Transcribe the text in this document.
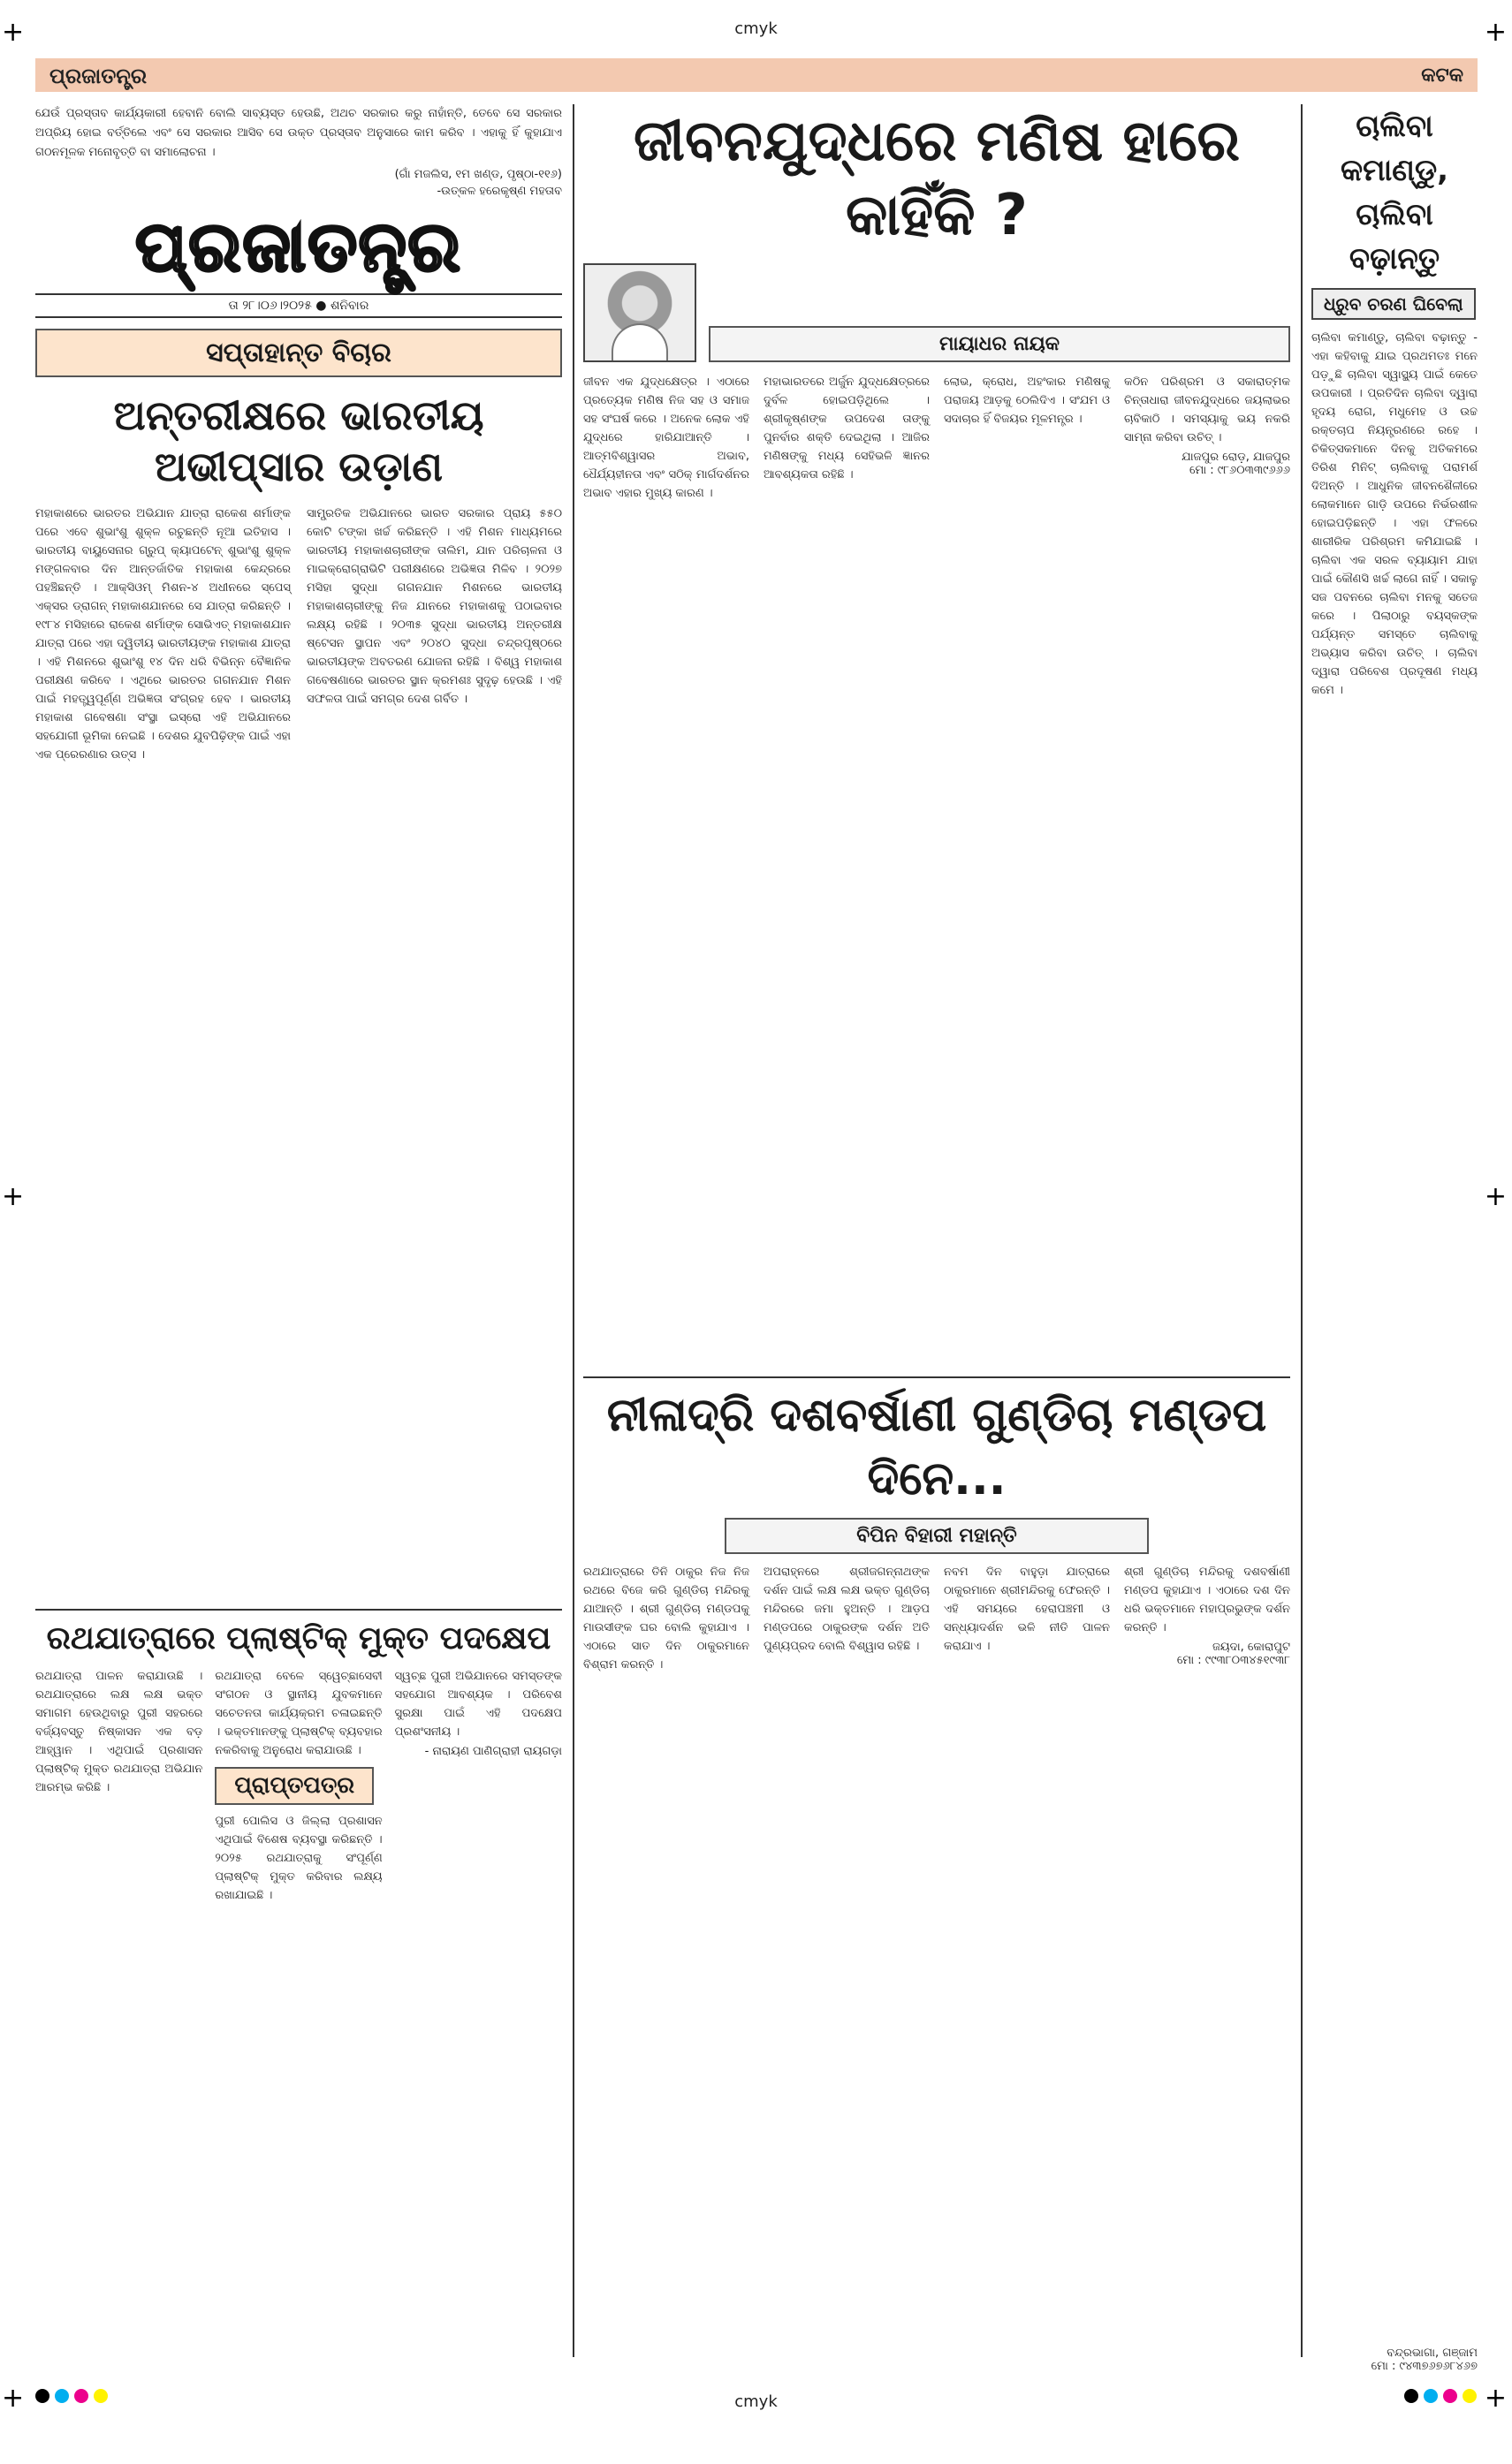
+	+
+	+
+	+
cmyk
cmyk
ପ୍ରଜାତନ୍ତ୍ର	କଟକ
ଯେଉଁ ପ୍ରସ୍ତାବ କାର୍ଯ୍ୟକାରୀ ହେବାନି ବୋଲି ସାବ୍ୟସ୍ତ ହେଉଛି, ଅଥଚ ସରକାର କରୁ ନାହାଁନ୍ତି, ତେବେ ସେ ସରକାର ଅପ୍ରିୟ ହୋଇ ବର୍ତ୍ତିଲେ ଏବଂ ସେ ସରକାର ଆସିବ ସେ ଉକ୍ତ ପ୍ରସ୍ତାବ ଅନୁସାରେ କାମ କରିବ । ଏହାକୁ ହିଁ କୁହାଯାଏ ଗଠନମୂଳକ ମନୋବୃତ୍ତି ବା ସମାଲୋଚନା ।
(ଗାଁ ମଜଲିସ, ୧ମ ଖଣ୍ଡ, ପୃଷ୍ଠା-୧୧୬)
-ଉତ୍କଳ ହରେକୃଷ୍ଣ ମହତାବ
ପ୍ରଜାତନ୍ତ୍ର
ତା ୨୮।୦୬।୨୦୨୫ ● ଶନିବାର
ସପ୍ତାହାନ୍ତ ବିଚାର
ଅନ୍ତରୀକ୍ଷରେ ଭାରତୀୟ ଅଭୀପ୍ସାର ଉଡ଼ାଣ
ମହାକାଶରେ ଭାରତର ଅଭିଯାନ ଯାତ୍ରା ରାକେଶ ଶର୍ମାଙ୍କ ପରେ ଏବେ ଶୁଭାଂଶୁ ଶୁକ୍ଳ ରଚୁଛନ୍ତି ନୂଆ ଇତିହାସ । ଭାରତୀୟ ବାୟୁସେନାର ଗ୍ରୁପ୍ କ୍ୟାପଟେନ୍ ଶୁଭାଂଶୁ ଶୁକ୍ଳ ମଙ୍ଗଳବାର ଦିନ ଆନ୍ତର୍ଜାତିକ ମହାକାଶ କେନ୍ଦ୍ରରେ ପହଞ୍ଚିଛନ୍ତି । ଆକ୍ସିଓମ୍ ମିଶନ-୪ ଅଧୀନରେ ସ୍ପେସ୍ ଏକ୍ସର ଡ୍ରାଗନ୍ ମହାକାଶଯାନରେ ସେ ଯାତ୍ରା କରିଛନ୍ତି । ୧୯୮୪ ମସିହାରେ ରାକେଶ ଶର୍ମାଙ୍କ ସୋଭିଏତ୍ ମହାକାଶଯାନ ଯାତ୍ରା ପରେ ଏହା ଦ୍ୱିତୀୟ ଭାରତୀୟଙ୍କ ମହାକାଶ ଯାତ୍ରା । ଏହି ମିଶନରେ ଶୁଭାଂଶୁ ୧୪ ଦିନ ଧରି ବିଭିନ୍ନ ବୈଜ୍ଞାନିକ ପରୀକ୍ଷଣ କରିବେ । ଏଥିରେ ଭାରତର ଗଗନଯାନ ମିଶନ ପାଇଁ ମହତ୍ତ୍ୱପୂର୍ଣ୍ଣ ଅଭିଜ୍ଞତା ସଂଗ୍ରହ ହେବ । ଭାରତୀୟ ମହାକାଶ ଗବେଷଣା ସଂସ୍ଥା ଇସ୍ରୋ ଏହି ଅଭିଯାନରେ ସହଯୋଗୀ ଭୂମିକା ନେଇଛି । ଦେଶର ଯୁବପିଢ଼ିଙ୍କ ପାଇଁ ଏହା ଏକ ପ୍ରେରଣାର ଉତ୍ସ ।
ସାମ୍ପ୍ରତିକ ଅଭିଯାନରେ ଭାରତ ସରକାର ପ୍ରାୟ ୫୫୦ କୋଟି ଟଙ୍କା ଖର୍ଚ୍ଚ କରିଛନ୍ତି । ଏହି ମିଶନ ମାଧ୍ୟମରେ ଭାରତୀୟ ମହାକାଶଚାରୀଙ୍କ ତାଲିମ, ଯାନ ପରିଚାଳନା ଓ ମାଇକ୍ରୋଗ୍ରାଭିଟି ପରୀକ୍ଷଣରେ ଅଭିଜ୍ଞତା ମିଳିବ । ୨୦୨୭ ମସିହା ସୁଦ୍ଧା ଗଗନଯାନ ମିଶନରେ ଭାରତୀୟ ମହାକାଶଚାରୀଙ୍କୁ ନିଜ ଯାନରେ ମହାକାଶକୁ ପଠାଇବାର ଲକ୍ଷ୍ୟ ରହିଛି । ୨୦୩୫ ସୁଦ୍ଧା ଭାରତୀୟ ଅନ୍ତରୀକ୍ଷ ଷ୍ଟେସନ ସ୍ଥାପନ ଏବଂ ୨୦୪୦ ସୁଦ୍ଧା ଚନ୍ଦ୍ରପୃଷ୍ଠରେ ଭାରତୀୟଙ୍କ ଅବତରଣ ଯୋଜନା ରହିଛି । ବିଶ୍ୱ ମହାକାଶ ଗବେଷଣାରେ ଭାରତର ସ୍ଥାନ କ୍ରମଶଃ ସୁଦୃଢ଼ ହେଉଛି । ଏହି ସଫଳତା ପାଇଁ ସମଗ୍ର ଦେଶ ଗର୍ବିତ ।
ରଥଯାତ୍ରାରେ ପ୍ଲାଷ୍ଟିକ୍ ମୁକ୍ତ ପଦକ୍ଷେପ
ରଥଯାତ୍ରା ପାଳନ କରାଯାଉଛି । ରଥଯାତ୍ରାରେ ଲକ୍ଷ ଲକ୍ଷ ଭକ୍ତ ସମାଗମ ହେଉଥିବାରୁ ପୁରୀ ସହରରେ ବର୍ଜ୍ୟବସ୍ତୁ ନିଷ୍କାସନ ଏକ ବଡ଼ ଆହ୍ୱାନ । ଏଥିପାଇଁ ପ୍ରଶାସନ ପ୍ଲାଷ୍ଟିକ୍ ମୁକ୍ତ ରଥଯାତ୍ରା ଅଭିଯାନ ଆରମ୍ଭ କରିଛି ।
ରଥଯାତ୍ରା ବେଳେ ସ୍ୱେଚ୍ଛାସେବୀ ସଂଗଠନ ଓ ସ୍ଥାନୀୟ ଯୁବକମାନେ ସଚେତନତା କାର୍ଯ୍ୟକ୍ରମ ଚଳାଇଛନ୍ତି । ଭକ୍ତମାନଙ୍କୁ ପ୍ଲାଷ୍ଟିକ୍ ବ୍ୟବହାର ନକରିବାକୁ ଅନୁରୋଧ କରାଯାଉଛି ।
ପ୍ରାପ୍ତପତ୍ର
ପୁରୀ ପୋଲିସ ଓ ଜିଲ୍ଲା ପ୍ରଶାସନ ଏଥିପାଇଁ ବିଶେଷ ବ୍ୟବସ୍ଥା କରିଛନ୍ତି । ୨୦୨୫ ରଥଯାତ୍ରାକୁ ସଂପୂର୍ଣ୍ଣ ପ୍ଲାଷ୍ଟିକ୍ ମୁକ୍ତ କରିବାର ଲକ୍ଷ୍ୟ ରଖାଯାଇଛି ।
ସ୍ୱଚ୍ଛ ପୁରୀ ଅଭିଯାନରେ ସମସ୍ତଙ୍କ ସହଯୋଗ ଆବଶ୍ୟକ । ପରିବେଶ ସୁରକ୍ଷା ପାଇଁ ଏହି ପଦକ୍ଷେପ ପ୍ରଶଂସନୀୟ ।
- ନାରାୟଣ ପାଣିଗ୍ରାହୀ ରାୟଗଡ଼ା
ଜୀବନଯୁଦ୍ଧରେ ମଣିଷ ହାରେ କାହିଁକି ?
ମାୟାଧର ନାୟକ
ଜୀବନ ଏକ ଯୁଦ୍ଧକ୍ଷେତ୍ର । ଏଠାରେ ପ୍ରତ୍ୟେକ ମଣିଷ ନିଜ ସହ ଓ ସମାଜ ସହ ସଂଘର୍ଷ କରେ । ଅନେକ ଲୋକ ଏହି ଯୁଦ୍ଧରେ ହାରିଯାଆନ୍ତି । ଆତ୍ମବିଶ୍ୱାସର ଅଭାବ, ଧୈର୍ଯ୍ୟହୀନତା ଏବଂ ସଠିକ୍ ମାର୍ଗଦର୍ଶନର ଅଭାବ ଏହାର ମୁଖ୍ୟ କାରଣ ।
ମହାଭାରତରେ ଅର୍ଜୁନ ଯୁଦ୍ଧକ୍ଷେତ୍ରରେ ଦୁର୍ବଳ ହୋଇପଡ଼ିଥିଲେ । ଶ୍ରୀକୃଷ୍ଣଙ୍କ ଉପଦେଶ ତାଙ୍କୁ ପୁନର୍ବାର ଶକ୍ତି ଦେଇଥିଲା । ଆଜିର ମଣିଷଙ୍କୁ ମଧ୍ୟ ସେହିଭଳି ଜ୍ଞାନର ଆବଶ୍ୟକତା ରହିଛି ।
ଲୋଭ, କ୍ରୋଧ, ଅହଂକାର ମଣିଷକୁ ପରାଜୟ ଆଡ଼କୁ ଠେଲିଦିଏ । ସଂଯମ ଓ ସଦାଚାର ହିଁ ବିଜୟର ମୂଳମନ୍ତ୍ର ।
କଠିନ ପରିଶ୍ରମ ଓ ସକାରାତ୍ମକ ଚିନ୍ତାଧାରା ଜୀବନଯୁଦ୍ଧରେ ଜୟଲାଭର ଚାବିକାଠି । ସମସ୍ୟାକୁ ଭୟ ନକରି ସାମ୍ନା କରିବା ଉଚିତ୍ ।
ଯାଜପୁର ରୋଡ଼, ଯାଜପୁର
ମୋ : ୯୮୬୦୩୩୯୬୬୬
ନୀଳାଦ୍ରି ଦଶବର୍ଷାଣୀ ଗୁଣ୍ଡିଚା ମଣ୍ଡପ ଦିନେ...
ବିପିନ ବିହାରୀ ମହାନ୍ତି
ରଥଯାତ୍ରାରେ ତିନି ଠାକୁର ନିଜ ନିଜ ରଥରେ ବିଜେ କରି ଗୁଣ୍ଡିଚା ମନ୍ଦିରକୁ ଯାଆନ୍ତି । ଶ୍ରୀ ଗୁଣ୍ଡିଚା ମଣ୍ଡପକୁ ମାଉସୀଙ୍କ ଘର ବୋଲି କୁହାଯାଏ । ଏଠାରେ ସାତ ଦିନ ଠାକୁରମାନେ ବିଶ୍ରାମ କରନ୍ତି ।
ଅପରାହ୍ନରେ ଶ୍ରୀଜଗନ୍ନାଥଙ୍କ ଦର୍ଶନ ପାଇଁ ଲକ୍ଷ ଲକ୍ଷ ଭକ୍ତ ଗୁଣ୍ଡିଚା ମନ୍ଦିରରେ ଜମା ହୁଅନ୍ତି । ଆଡ଼ପ ମଣ୍ଡପରେ ଠାକୁରଙ୍କ ଦର୍ଶନ ଅତି ପୁଣ୍ୟପ୍ରଦ ବୋଲି ବିଶ୍ୱାସ ରହିଛି ।
ନବମ ଦିନ ବାହୁଡ଼ା ଯାତ୍ରାରେ ଠାକୁରମାନେ ଶ୍ରୀମନ୍ଦିରକୁ ଫେରନ୍ତି । ଏହି ସମୟରେ ହେରାପଞ୍ଚମୀ ଓ ସନ୍ଧ୍ୟାଦର୍ଶନ ଭଳି ନୀତି ପାଳନ କରାଯାଏ ।
ଶ୍ରୀ ଗୁଣ୍ଡିଚା ମନ୍ଦିରକୁ ଦଶବର୍ଷାଣୀ ମଣ୍ଡପ କୁହାଯାଏ । ଏଠାରେ ଦଶ ଦିନ ଧରି ଭକ୍ତମାନେ ମହାପ୍ରଭୁଙ୍କ ଦର୍ଶନ କରନ୍ତି ।
ଜୟଦା, କୋରାପୁଟ
ମୋ : ୯୯୩୮୦୩୪୫୧୯୩୮
ଚାଲିବା କମାଣ୍ଡୁ, ଚାଲିବା ବଢ଼ାନ୍ତୁ
ଧ୍ରୁବ ଚରଣ ଘିବେଲା
ଚାଲିବା କମାଣ୍ଡୁ, ଚାଲିବା ବଢ଼ାନ୍ତୁ - ଏହା କହିବାକୁ ଯାଇ ପ୍ରଥମତଃ ମନେ ପଡ଼ୁଛି ଚାଲିବା ସ୍ୱାସ୍ଥ୍ୟ ପାଇଁ କେତେ ଉପକାରୀ । ପ୍ରତିଦିନ ଚାଲିବା ଦ୍ୱାରା ହୃଦୟ ରୋଗ, ମଧୁମେହ ଓ ଉଚ୍ଚ ରକ୍ତଚାପ ନିୟନ୍ତ୍ରଣରେ ରହେ । ଚିକିତ୍ସକମାନେ ଦିନକୁ ଅତିକମରେ ତିରିଶ ମିନିଟ୍ ଚାଲିବାକୁ ପରାମର୍ଶ ଦିଅନ୍ତି । ଆଧୁନିକ ଜୀବନଶୈଳୀରେ ଲୋକମାନେ ଗାଡ଼ି ଉପରେ ନିର୍ଭରଶୀଳ ହୋଇପଡ଼ିଛନ୍ତି । ଏହା ଫଳରେ ଶାରୀରିକ ପରିଶ୍ରମ କମିଯାଇଛି । ଚାଲିବା ଏକ ସରଳ ବ୍ୟାୟାମ ଯାହା ପାଇଁ କୌଣସି ଖର୍ଚ୍ଚ ଲାଗେ ନାହିଁ । ସକାଳୁ ସଜ ପବନରେ ଚାଲିବା ମନକୁ ସତେଜ କରେ । ପିଲାଠାରୁ ବୟସ୍କଙ୍କ ପର୍ଯ୍ୟନ୍ତ ସମସ୍ତେ ଚାଲିବାକୁ ଅଭ୍ୟାସ କରିବା ଉଚିତ୍ । ଚାଲିବା ଦ୍ୱାରା ପରିବେଶ ପ୍ରଦୂଷଣ ମଧ୍ୟ କମେ ।
ବନ୍ଦ୍ରଭାଗା, ଗଞ୍ଜାମ
ମୋ : ୯୪୩୭୬୭୬୮୪୬୭
